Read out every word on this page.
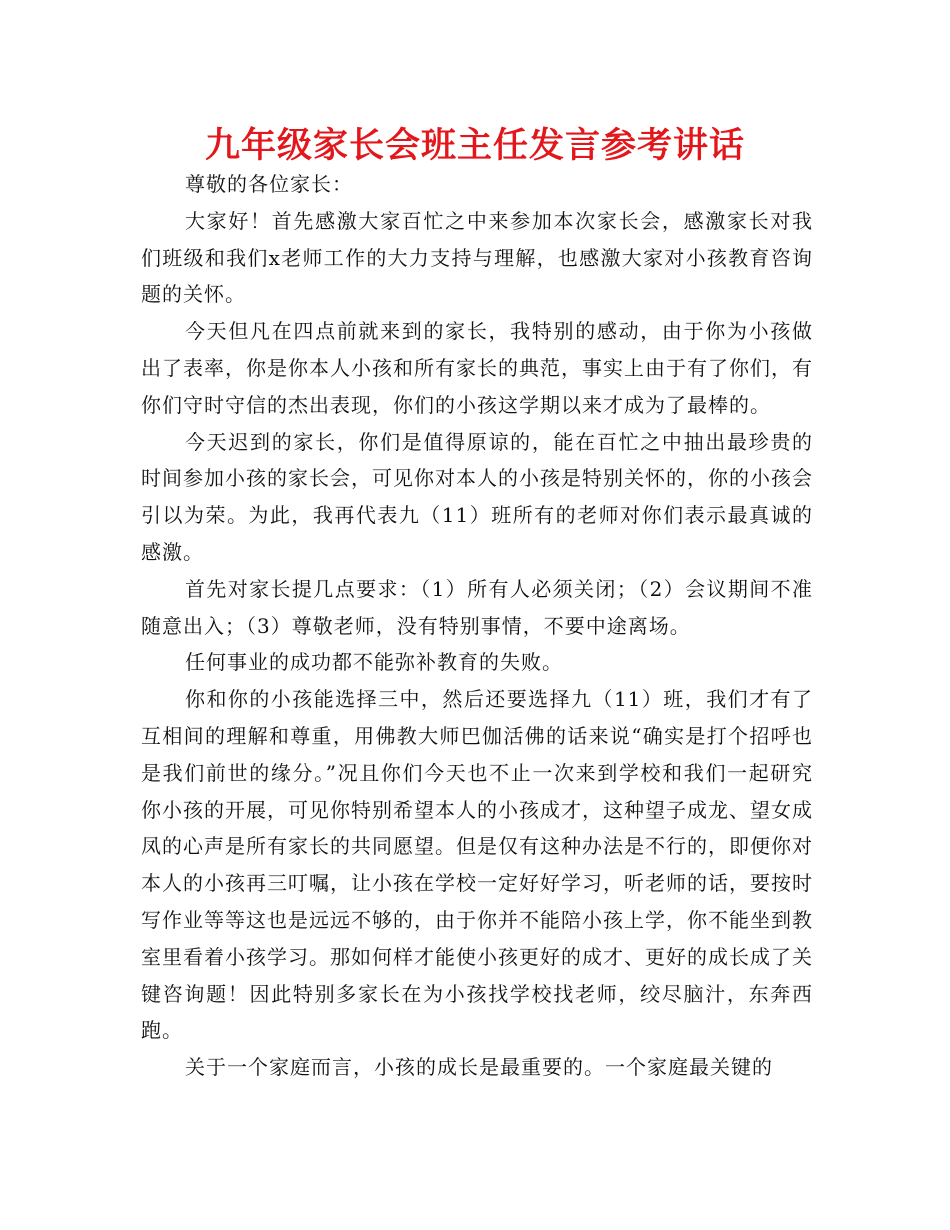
九年级家长会班主任发言参考讲话

尊敬的各位家长：

大家好！首先感激大家百忙之中来参加本次家长会，感激家长对我们班级和我们x老师工作的大力支持与理解，也感激大家对小孩教育咨询题的关怀。

今天但凡在四点前就来到的家长，我特别的感动，由于你为小孩做出了表率，你是你本人小孩和所有家长的典范，事实上由于有了你们，有你们守时守信的杰出表现，你们的小孩这学期以来才成为了最棒的。

今天迟到的家长，你们是值得原谅的，能在百忙之中抽出最珍贵的时间参加小孩的家长会，可见你对本人的小孩是特别关怀的，你的小孩会引以为荣。为此，我再代表九（11）班所有的老师对你们表示最真诚的感激。

首先对家长提几点要求：（1）所有人必须关闭；（2）会议期间不准随意出入；（3）尊敬老师，没有特别事情，不要中途离场。

任何事业的成功都不能弥补教育的失败。

你和你的小孩能选择三中，然后还要选择九（11）班，我们才有了互相间的理解和尊重，用佛教大师巴伽活佛的话来说“确实是打个招呼也是我们前世的缘分。”况且你们今天也不止一次来到学校和我们一起研究你小孩的开展，可见你特别希望本人的小孩成才，这种望子成龙、望女成凤的心声是所有家长的共同愿望。但是仅有这种办法是不行的，即便你对本人的小孩再三叮嘱，让小孩在学校一定好好学习，听老师的话，要按时写作业等等这也是远远不够的，由于你并不能陪小孩上学，你不能坐到教室里看着小孩学习。那如何样才能使小孩更好的成才、更好的成长成了关键咨询题！因此特别多家长在为小孩找学校找老师，绞尽脑汁，东奔西跑。

关于一个家庭而言，小孩的成长是最重要的。一个家庭最关键的
